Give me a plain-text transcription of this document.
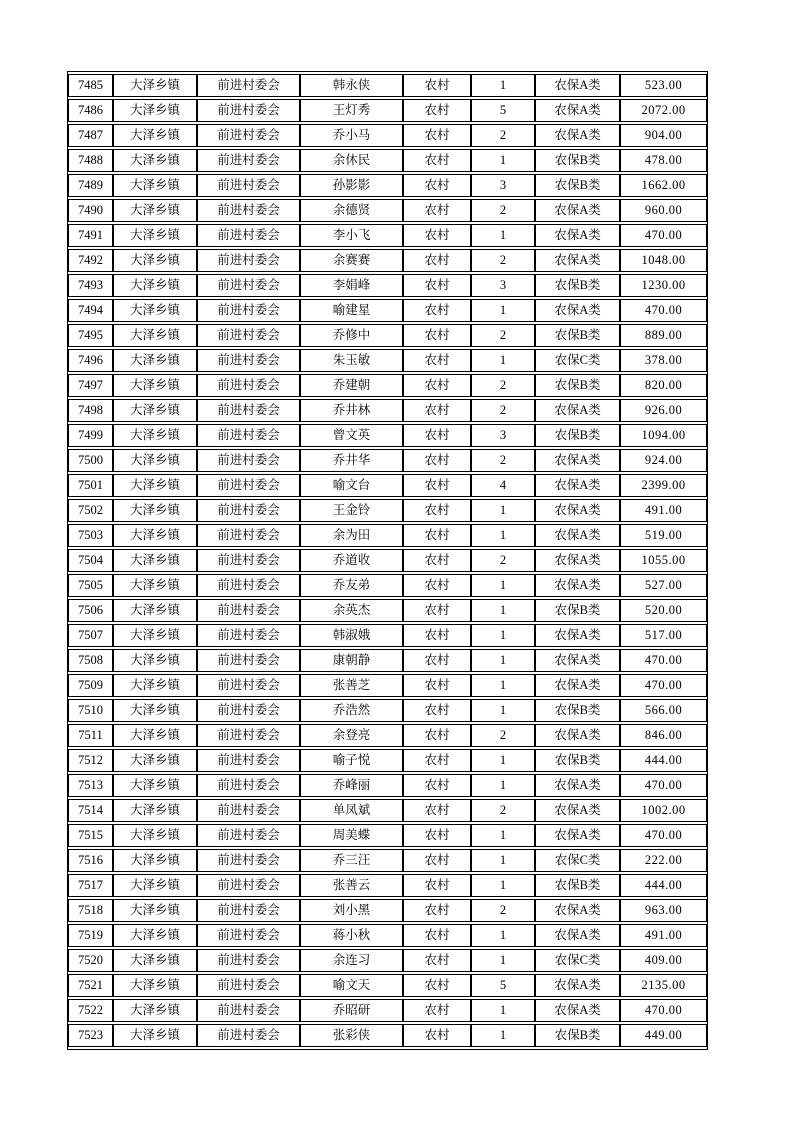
7485	大泽乡镇	前进村委会	韩永侠	农村	1	农保A类	523.00
7486	大泽乡镇	前进村委会	王灯秀	农村	5	农保A类	2072.00
7487	大泽乡镇	前进村委会	乔小马	农村	2	农保A类	904.00
7488	大泽乡镇	前进村委会	余休民	农村	1	农保B类	478.00
7489	大泽乡镇	前进村委会	孙影影	农村	3	农保B类	1662.00
7490	大泽乡镇	前进村委会	余德贤	农村	2	农保A类	960.00
7491	大泽乡镇	前进村委会	李小飞	农村	1	农保A类	470.00
7492	大泽乡镇	前进村委会	余赛赛	农村	2	农保A类	1048.00
7493	大泽乡镇	前进村委会	李娟峰	农村	3	农保B类	1230.00
7494	大泽乡镇	前进村委会	喻建星	农村	1	农保A类	470.00
7495	大泽乡镇	前进村委会	乔修中	农村	2	农保B类	889.00
7496	大泽乡镇	前进村委会	朱玉敏	农村	1	农保C类	378.00
7497	大泽乡镇	前进村委会	乔建朝	农村	2	农保B类	820.00
7498	大泽乡镇	前进村委会	乔井林	农村	2	农保A类	926.00
7499	大泽乡镇	前进村委会	曾文英	农村	3	农保B类	1094.00
7500	大泽乡镇	前进村委会	乔井华	农村	2	农保A类	924.00
7501	大泽乡镇	前进村委会	喻文台	农村	4	农保A类	2399.00
7502	大泽乡镇	前进村委会	王金铃	农村	1	农保A类	491.00
7503	大泽乡镇	前进村委会	余为田	农村	1	农保A类	519.00
7504	大泽乡镇	前进村委会	乔道收	农村	2	农保A类	1055.00
7505	大泽乡镇	前进村委会	乔友弟	农村	1	农保A类	527.00
7506	大泽乡镇	前进村委会	余英杰	农村	1	农保B类	520.00
7507	大泽乡镇	前进村委会	韩淑娥	农村	1	农保A类	517.00
7508	大泽乡镇	前进村委会	康朝静	农村	1	农保A类	470.00
7509	大泽乡镇	前进村委会	张善芝	农村	1	农保A类	470.00
7510	大泽乡镇	前进村委会	乔浩然	农村	1	农保B类	566.00
7511	大泽乡镇	前进村委会	余登亮	农村	2	农保A类	846.00
7512	大泽乡镇	前进村委会	喻子悦	农村	1	农保B类	444.00
7513	大泽乡镇	前进村委会	乔峰丽	农村	1	农保A类	470.00
7514	大泽乡镇	前进村委会	单凤斌	农村	2	农保A类	1002.00
7515	大泽乡镇	前进村委会	周美蝶	农村	1	农保A类	470.00
7516	大泽乡镇	前进村委会	乔三汪	农村	1	农保C类	222.00
7517	大泽乡镇	前进村委会	张善云	农村	1	农保B类	444.00
7518	大泽乡镇	前进村委会	刘小黑	农村	2	农保A类	963.00
7519	大泽乡镇	前进村委会	蒋小秋	农村	1	农保A类	491.00
7520	大泽乡镇	前进村委会	余连习	农村	1	农保C类	409.00
7521	大泽乡镇	前进村委会	喻文天	农村	5	农保A类	2135.00
7522	大泽乡镇	前进村委会	乔昭研	农村	1	农保A类	470.00
7523	大泽乡镇	前进村委会	张彩侠	农村	1	农保B类	449.00
